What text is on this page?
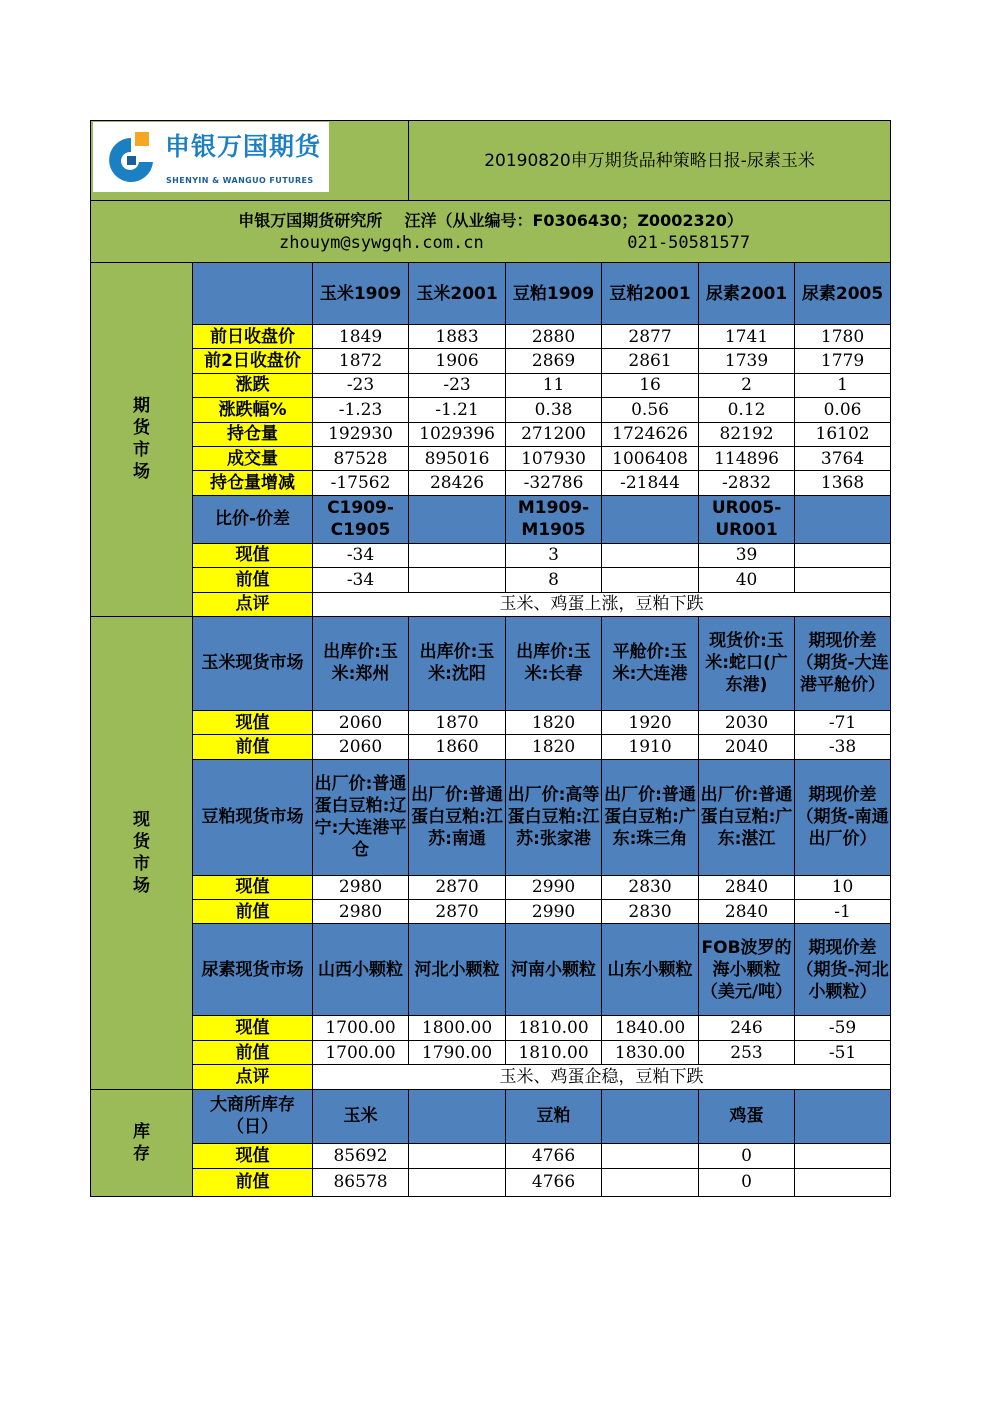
申银万国期货
SHENYIN & WANGUO FUTURES			20190820申万期货品种策略日报-尿素玉米				

申银万国期货研究所    汪洋（从业编号：F0306430；Z0002320）
zhouym@sywgqh.com.cn 021-50581577							

期货市场		玉米1909	玉米2001	豆粕1909	豆粕2001	尿素2001	尿素2005
	前日收盘价	1849	1883	2880	2877	1741	1780
	前2日收盘价	1872	1906	2869	2861	1739	1779
	涨跌	-23	-23	11	16	2	1
	涨跌幅%	-1.23	-1.21	0.38	0.56	0.12	0.06
	持仓量	192930	1029396	271200	1724626	82192	16102
	成交量	87528	895016	107930	1006408	114896	3764
	持仓量增减	-17562	28426	-32786	-21844	-2832	1368
	比价-价差	C1909-C1905		M1909-M1905		UR005-UR001	
	现值	-34		3		39	
	前值	-34		8		40	
	点评	玉米、鸡蛋上涨，豆粕下跌					
现货市场	玉米现货市场	出库价:玉米:郑州	出库价:玉米:沈阳	出库价:玉米:长春	平舱价:玉米:大连港	现货价:玉米:蛇口(广东港)	期现价差（期货-大连港平舱价）
	现值	2060	1870	1820	1920	2030	-71
	前值	2060	1860	1820	1910	2040	-38
	豆粕现货市场	出厂价:普通蛋白豆粕:辽宁:大连港平仓	出厂价:普通蛋白豆粕:江苏:南通	出厂价:高等蛋白豆粕:江苏:张家港	出厂价:普通蛋白豆粕:广东:珠三角	出厂价:普通蛋白豆粕:广东:湛江	期现价差（期货-南通出厂价）
	现值	2980	2870	2990	2830	2840	10
	前值	2980	2870	2990	2830	2840	-1
	尿素现货市场	山西小颗粒	河北小颗粒	河南小颗粒	山东小颗粒	FOB波罗的海小颗粒（美元/吨）	期现价差（期货-河北小颗粒）
	现值	1700.00	1800.00	1810.00	1840.00	246	-59
	前值	1700.00	1790.00	1810.00	1830.00	253	-51
	点评	玉米、鸡蛋企稳，豆粕下跌					
库存	大商所库存（日）	玉米		豆粕		鸡蛋	
	现值	85692		4766		0	
	前值	86578		4766		0	
